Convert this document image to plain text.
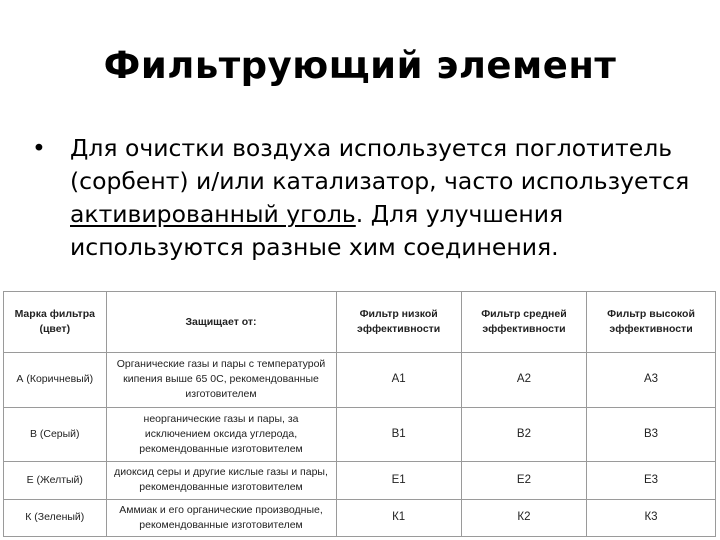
Фильтрующий элемент
• Для очистки воздуха используется поглотитель (сорбент) и/или катализатор, часто используется активированный уголь. Для улучшения используются разные хим соединения.
Марка фильтра (цвет)	Защищает от:	Фильтр низкой эффективности	Фильтр средней эффективности	Фильтр высокой эффективности
А (Коричневый)	Органические газы и пары с температурой кипения выше 65 0С, рекомендованные изготовителем	А1	А2	А3
В (Серый)	неорганические газы и пары, за исключением оксида углерода, рекомендованные изготовителем	В1	В2	В3
Е (Желтый)	диоксид серы и другие кислые газы и пары, рекомендованные изготовителем	Е1	Е2	Е3
К (Зеленый)	Аммиак и его органические производные, рекомендованные изготовителем	К1	К2	К3
